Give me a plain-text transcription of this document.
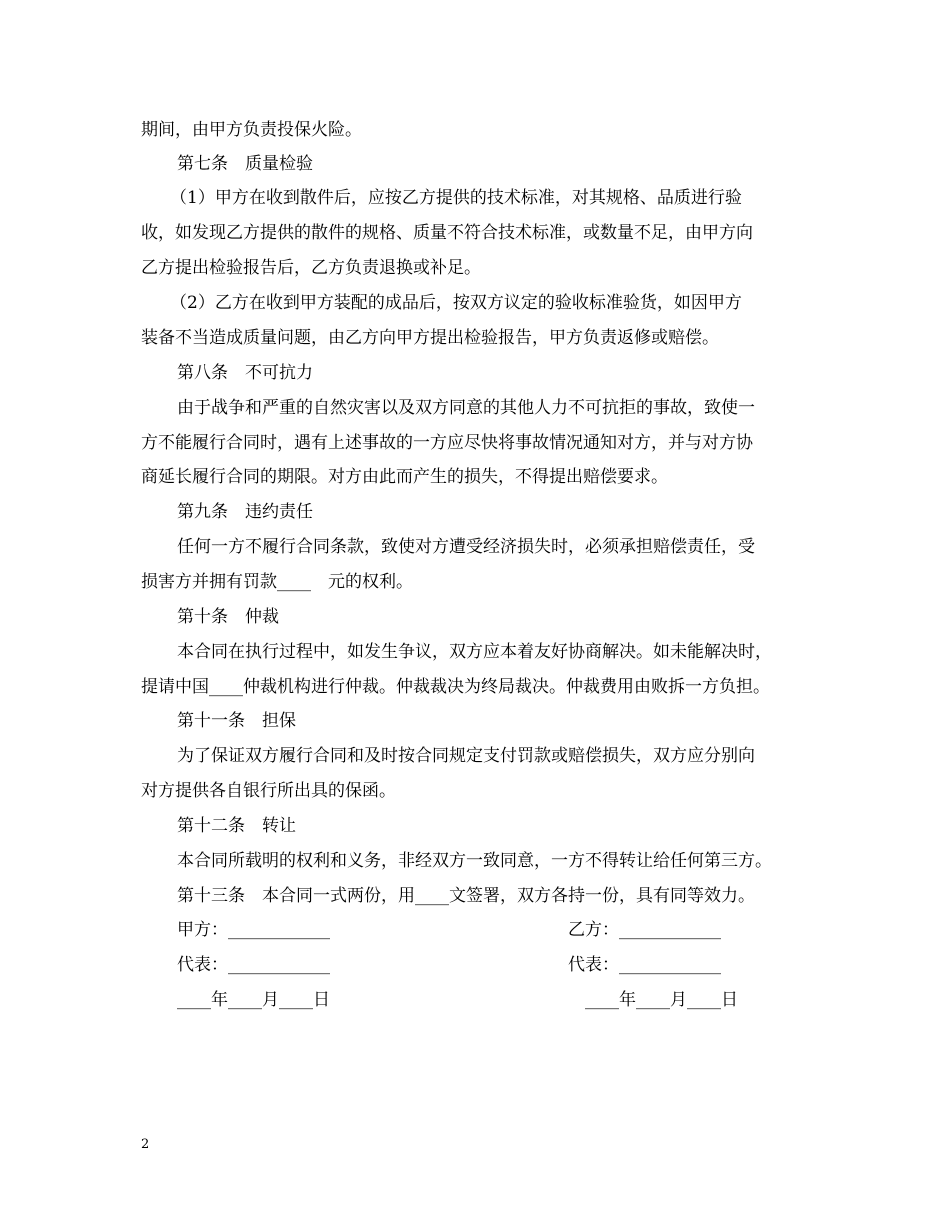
期间，由甲方负责投保火险。
第七条　质量检验
（1）甲方在收到散件后，应按乙方提供的技术标准，对其规格、品质进行验
收，如发现乙方提供的散件的规格、质量不符合技术标准，或数量不足，由甲方向
乙方提出检验报告后，乙方负责退换或补足。
（2）乙方在收到甲方装配的成品后，按双方议定的验收标准验货，如因甲方
装备不当造成质量问题，由乙方向甲方提出检验报告，甲方负责返修或赔偿。
第八条　不可抗力
由于战争和严重的自然灾害以及双方同意的其他人力不可抗拒的事故，致使一
方不能履行合同时，遇有上述事故的一方应尽快将事故情况通知对方，并与对方协
商延长履行合同的期限。对方由此而产生的损失，不得提出赔偿要求。
第九条　违约责任
任何一方不履行合同条款，致使对方遭受经济损失时，必须承担赔偿责任，受
损害方并拥有罚款____　元的权利。
第十条　仲裁
本合同在执行过程中，如发生争议，双方应本着友好协商解决。如未能解决时，
提请中国____仲裁机构进行仲裁。仲裁裁决为终局裁决。仲裁费用由败拆一方负担。
第十一条　担保
为了保证双方履行合同和及时按合同规定支付罚款或赔偿损失，双方应分别向
对方提供各自银行所出具的保函。
第十二条　转让
本合同所载明的权利和义务，非经双方一致同意，一方不得转让给任何第三方。
第十三条　本合同一式两份，用____文签署，双方各持一份，具有同等效力。
甲方：____________	乙方：____________
代表：____________	代表：____________
____年____月____日	____年____月____日
2
